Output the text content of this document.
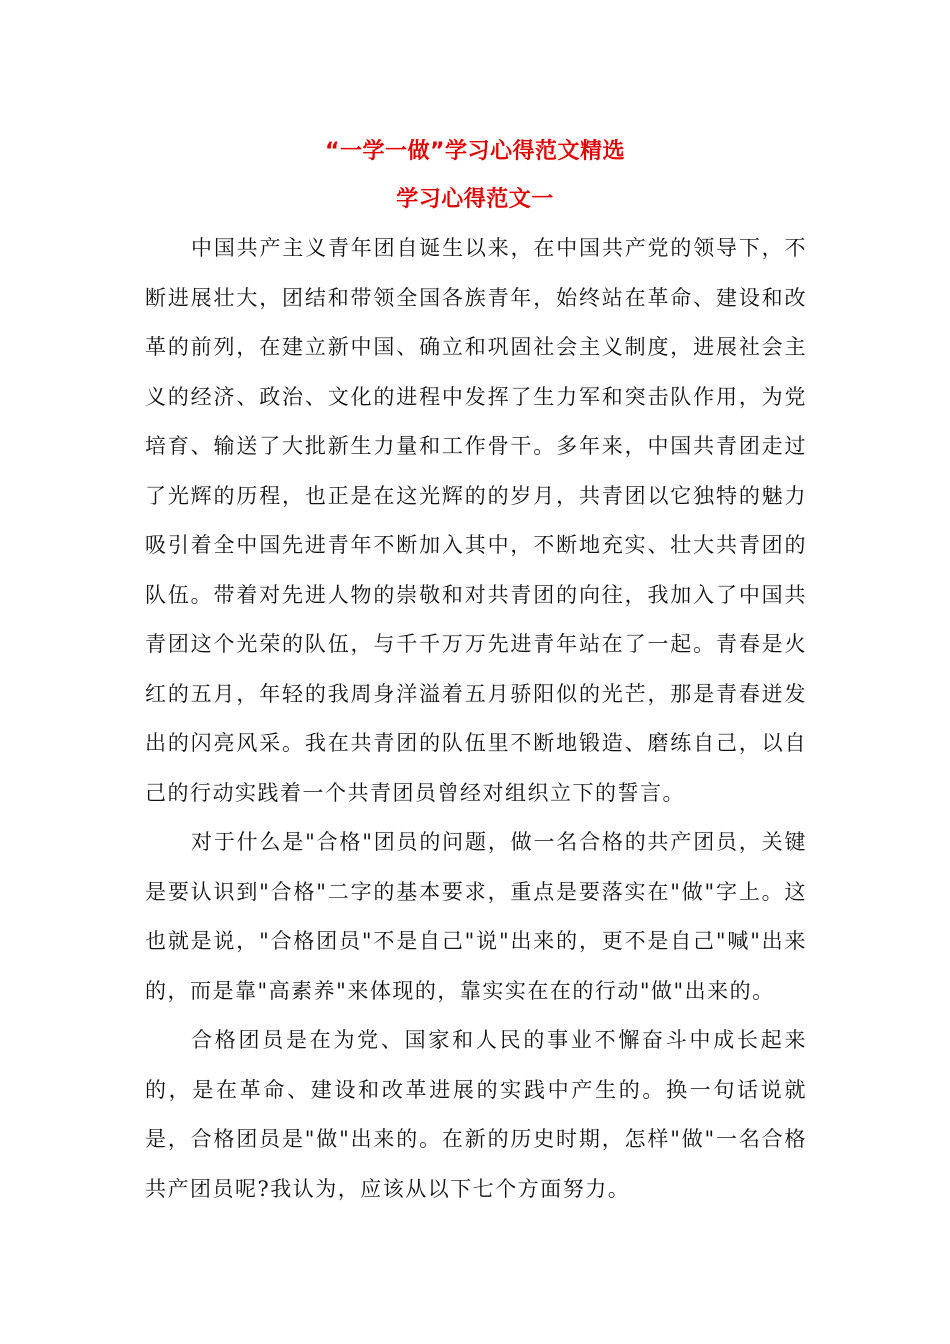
“一学一做”学习心得范文精选
学习心得范文一

中国共产主义青年团自诞生以来，在中国共产党的领导下，不断进展壮大，团结和带领全国各族青年，始终站在革命、建设和改革的前列，在建立新中国、确立和巩固社会主义制度，进展社会主义的经济、政治、文化的进程中发挥了生力军和突击队作用，为党培育、输送了大批新生力量和工作骨干。多年来，中国共青团走过了光辉的历程，也正是在这光辉的的岁月，共青团以它独特的魅力吸引着全中国先进青年不断加入其中，不断地充实、壮大共青团的队伍。带着对先进人物的崇敬和对共青团的向往，我加入了中国共青团这个光荣的队伍，与千千万万先进青年站在了一起。青春是火红的五月，年轻的我周身洋溢着五月骄阳似的光芒，那是青春迸发出的闪亮风采。我在共青团的队伍里不断地锻造、磨练自己，以自己的行动实践着一个共青团员曾经对组织立下的誓言。

对于什么是"合格"团员的问题，做一名合格的共产团员，关键是要认识到"合格"二字的基本要求，重点是要落实在"做"字上。这也就是说，"合格团员"不是自己"说"出来的，更不是自己"喊"出来的，而是靠"高素养"来体现的，靠实实在在的行动"做"出来的。

合格团员是在为党、国家和人民的事业不懈奋斗中成长起来的，是在革命、建设和改革进展的实践中产生的。换一句话说就是，合格团员是"做"出来的。在新的历史时期，怎样"做"一名合格共产团员呢?我认为，应该从以下七个方面努力。
